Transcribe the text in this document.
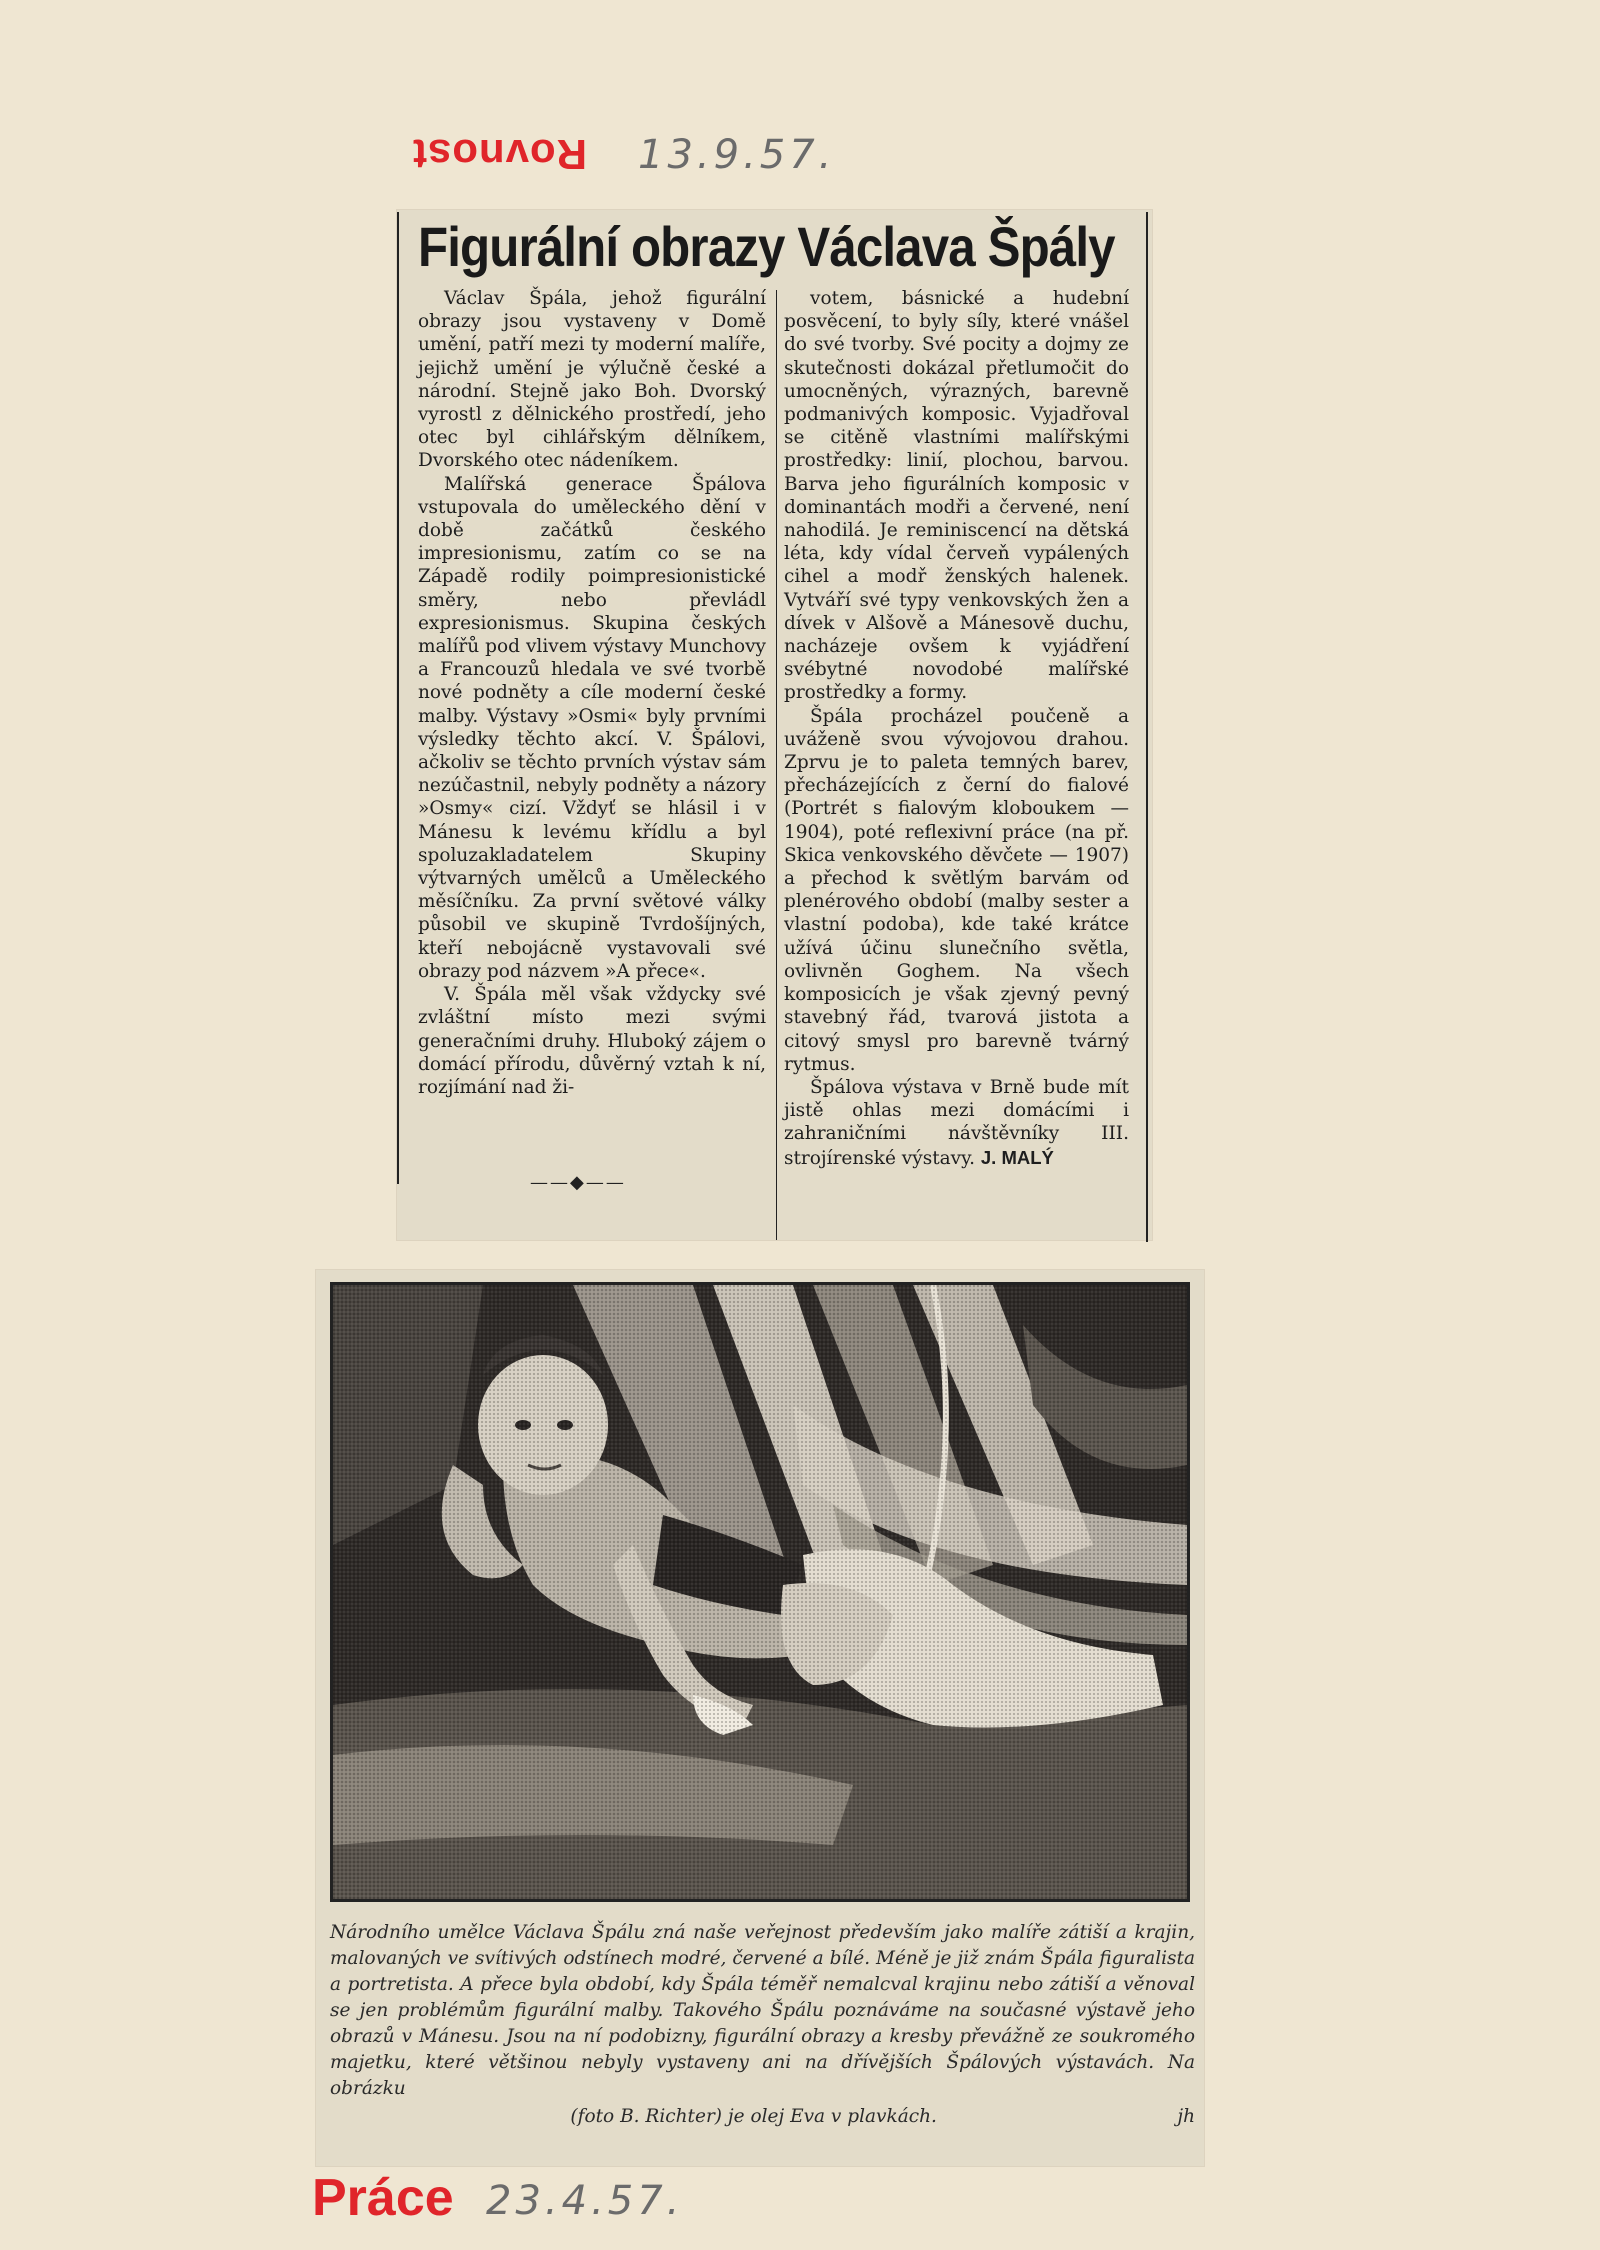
Rovnost 13.9.57.
Figurální obrazy Václava Špály

Václav Špála, jehož figurální obrazy jsou vystaveny v Domě umění, patří mezi ty moderní malíře, jejichž umění je výlučně české a národní. Stejně jako Boh. Dvorský vyrostl z dělnického prostředí, jeho otec byl cihlářským dělníkem, Dvorského otec nádeníkem.

Malířská generace Špálova vstupovala do uměleckého dění v době začátků českého impresionismu, zatím co se na Západě rodily poimpresionistické směry, nebo převládl expresionismus. Skupina českých malířů pod vlivem výstavy Munchovy a Francouzů hledala ve své tvorbě nové podněty a cíle moderní české malby. Výstavy »Osmi« byly prvními výsledky těchto akcí. V. Špálovi, ačkoliv se těchto prvních výstav sám nezúčastnil, nebyly podněty a názory »Osmy« cizí. Vždyť se hlásil i v Mánesu k levému křídlu a byl spoluzakladatelem Skupiny výtvarných umělců a Uměleckého měsíčníku. Za první světové války působil ve skupině Tvrdošíjných, kteří nebojácně vystavovali své obrazy pod názvem »A přece«.

V. Špála měl však vždycky své zvláštní místo mezi svými generačními druhy. Hluboký zájem o domácí přírodu, důvěrný vztah k ní, rozjímání nad ži-

——◆——

votem, básnické a hudební posvěcení, to byly síly, které vnášel do své tvorby. Své pocity a dojmy ze skutečnosti dokázal přetlumočit do umocněných, výrazných, barevně podmanivých komposic. Vyjadřoval se citěně vlastními malířskými prostředky: linií, plochou, barvou. Barva jeho figurálních komposic v dominantách modři a červené, není nahodilá. Je reminiscencí na dětská léta, kdy vídal červeň vypálených cihel a modř ženských halenek. Vytváří své typy venkovských žen a dívek v Alšově a Mánesově duchu, nacházeje ovšem k vyjádření svébytné novodobé malířské prostředky a formy.

Špála procházel poučeně a uváženě svou vývojovou drahou. Zprvu je to paleta temných barev, přecházejících z černí do fialové (Portrét s fialovým kloboukem — 1904), poté reflexivní práce (na př. Skica venkovského děvčete — 1907) a přechod k světlým barvám od plenérového období (malby sester a vlastní podoba), kde také krátce užívá účinu slunečního světla, ovlivněn Goghem. Na všech komposicích je však zjevný pevný stavebný řád, tvarová jistota a citový smysl pro barevně tvárný rytmus.

Špálova výstava v Brně bude mít jistě ohlas mezi domácími i zahraničními návštěvníky III. strojírenské výstavy. J. MALÝ

Národního umělce Václava Špálu zná naše veřejnost především jako malíře zátiší a krajin, malovaných ve svítivých odstínech modré, červené a bílé. Méně je již znám Špála figuralista a portretista. A přece byla období, kdy Špála téměř nemalcval krajinu nebo zátiší a věnoval se jen problémům figurální malby. Takového Špálu poznáváme na současné výstavě jeho obrazů v Mánesu. Jsou na ní podobizny, figurální obrazy a kresby převážně ze soukromého majetku, které většinou nebyly vystaveny ani na dřívějších Špálových výstavách. Na obrázku
(foto B. Richter) je olej Eva v plavkách.	jh
Práce 23.4.57.
